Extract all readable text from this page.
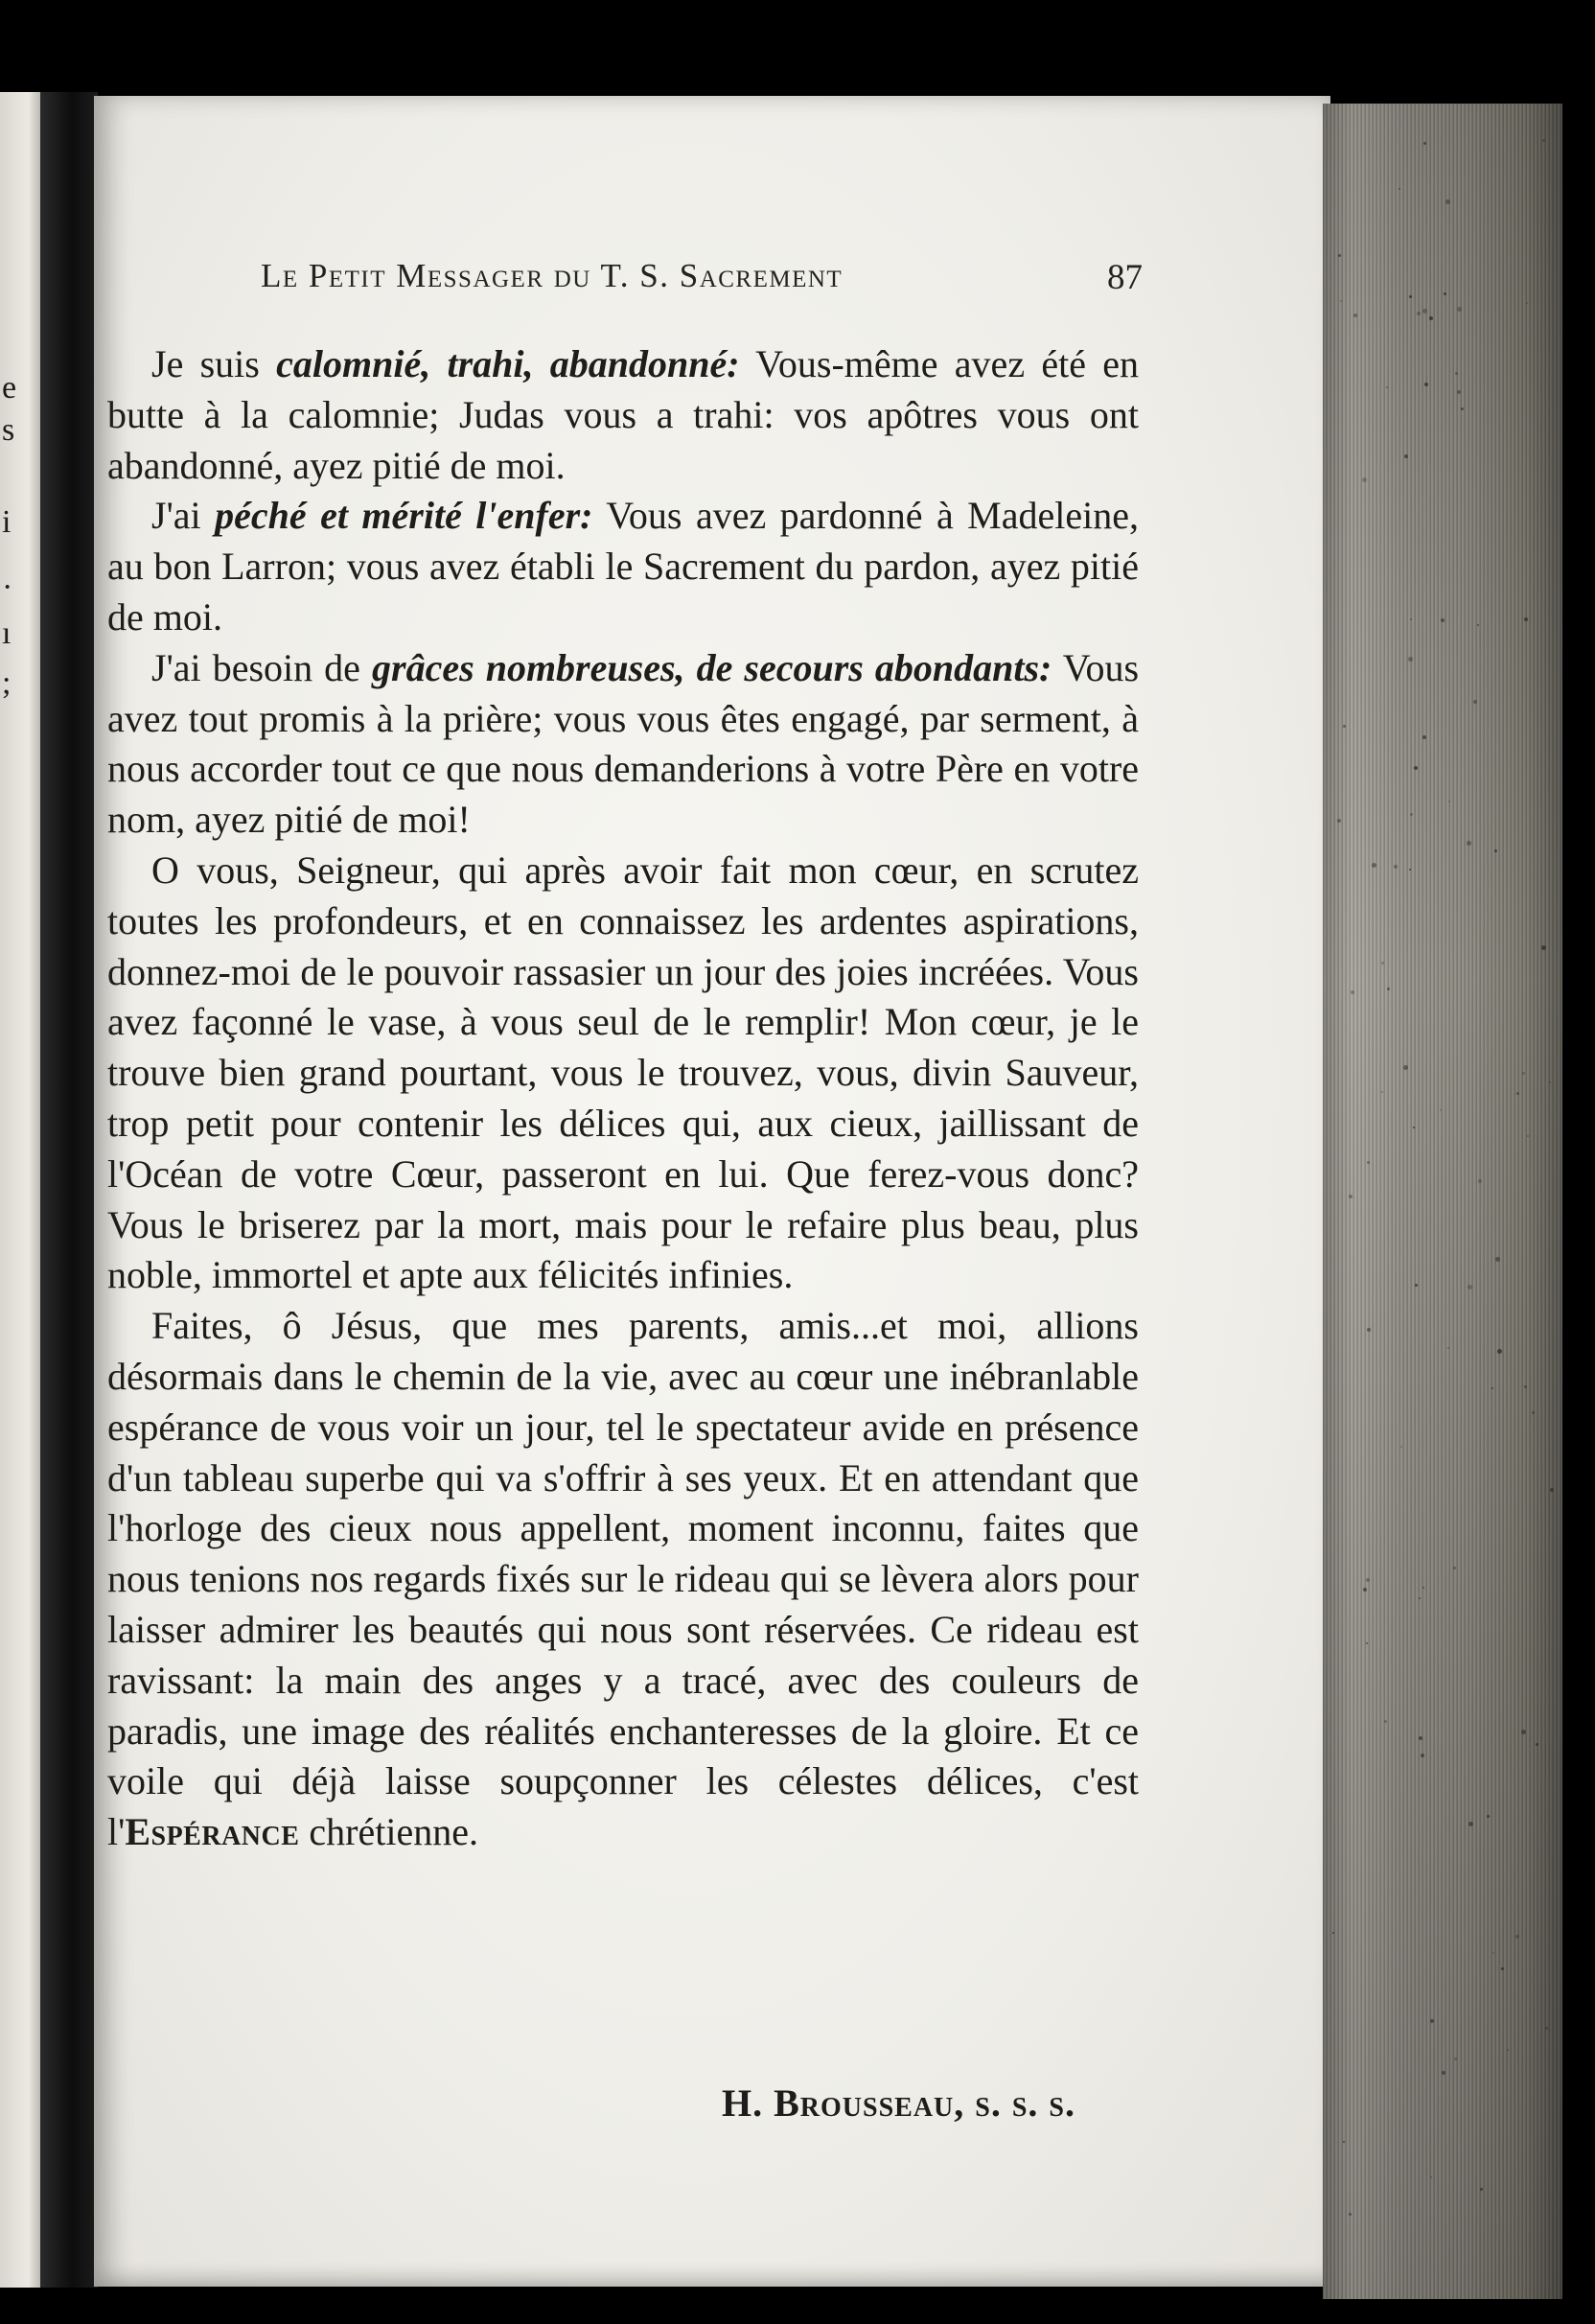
e
s
i
·
ı
;
Le Petit Messager du T. S. Sacrement	87

Je suis calomnié, trahi, abandonné: Vous-même avez été en butte à la calomnie; Judas vous a trahi: vos apôtres vous ont abandonné, ayez pitié de moi.

J'ai péché et mérité l'enfer: Vous avez pardonné à Madeleine, au bon Larron; vous avez établi le Sacrement du pardon, ayez pitié de moi.

J'ai besoin de grâces nombreuses, de secours abondants: Vous avez tout promis à la prière; vous vous êtes engagé, par serment, à nous accorder tout ce que nous demanderions à votre Père en votre nom, ayez pitié de moi!

O vous, Seigneur, qui après avoir fait mon cœur, en scrutez toutes les profondeurs, et en connaissez les ardentes aspirations, donnez-moi de le pouvoir rassasier un jour des joies incréées. Vous avez façonné le vase, à vous seul de le remplir! Mon cœur, je le trouve bien grand pourtant, vous le trouvez, vous, divin Sauveur, trop petit pour contenir les délices qui, aux cieux, jaillissant de l'Océan de votre Cœur, passeront en lui. Que ferez-vous donc? Vous le briserez par la mort, mais pour le refaire plus beau, plus noble, immortel et apte aux félicités infinies.

Faites, ô Jésus, que mes parents, amis...et moi, allions désormais dans le chemin de la vie, avec au cœur une inébranlable espérance de vous voir un jour, tel le spectateur avide en présence d'un tableau superbe qui va s'offrir à ses yeux. Et en attendant que l'horloge des cieux nous appellent, moment inconnu, faites que nous tenions nos regards fixés sur le rideau qui se lèvera alors pour laisser admirer les beautés qui nous sont réservées. Ce rideau est ravissant: la main des anges y a tracé, avec des couleurs de paradis, une image des réalités enchanteresses de la gloire. Et ce voile qui déjà laisse soupçonner les célestes délices, c'est l'Espérance chrétienne.

H. Brousseau, s. s. s.
